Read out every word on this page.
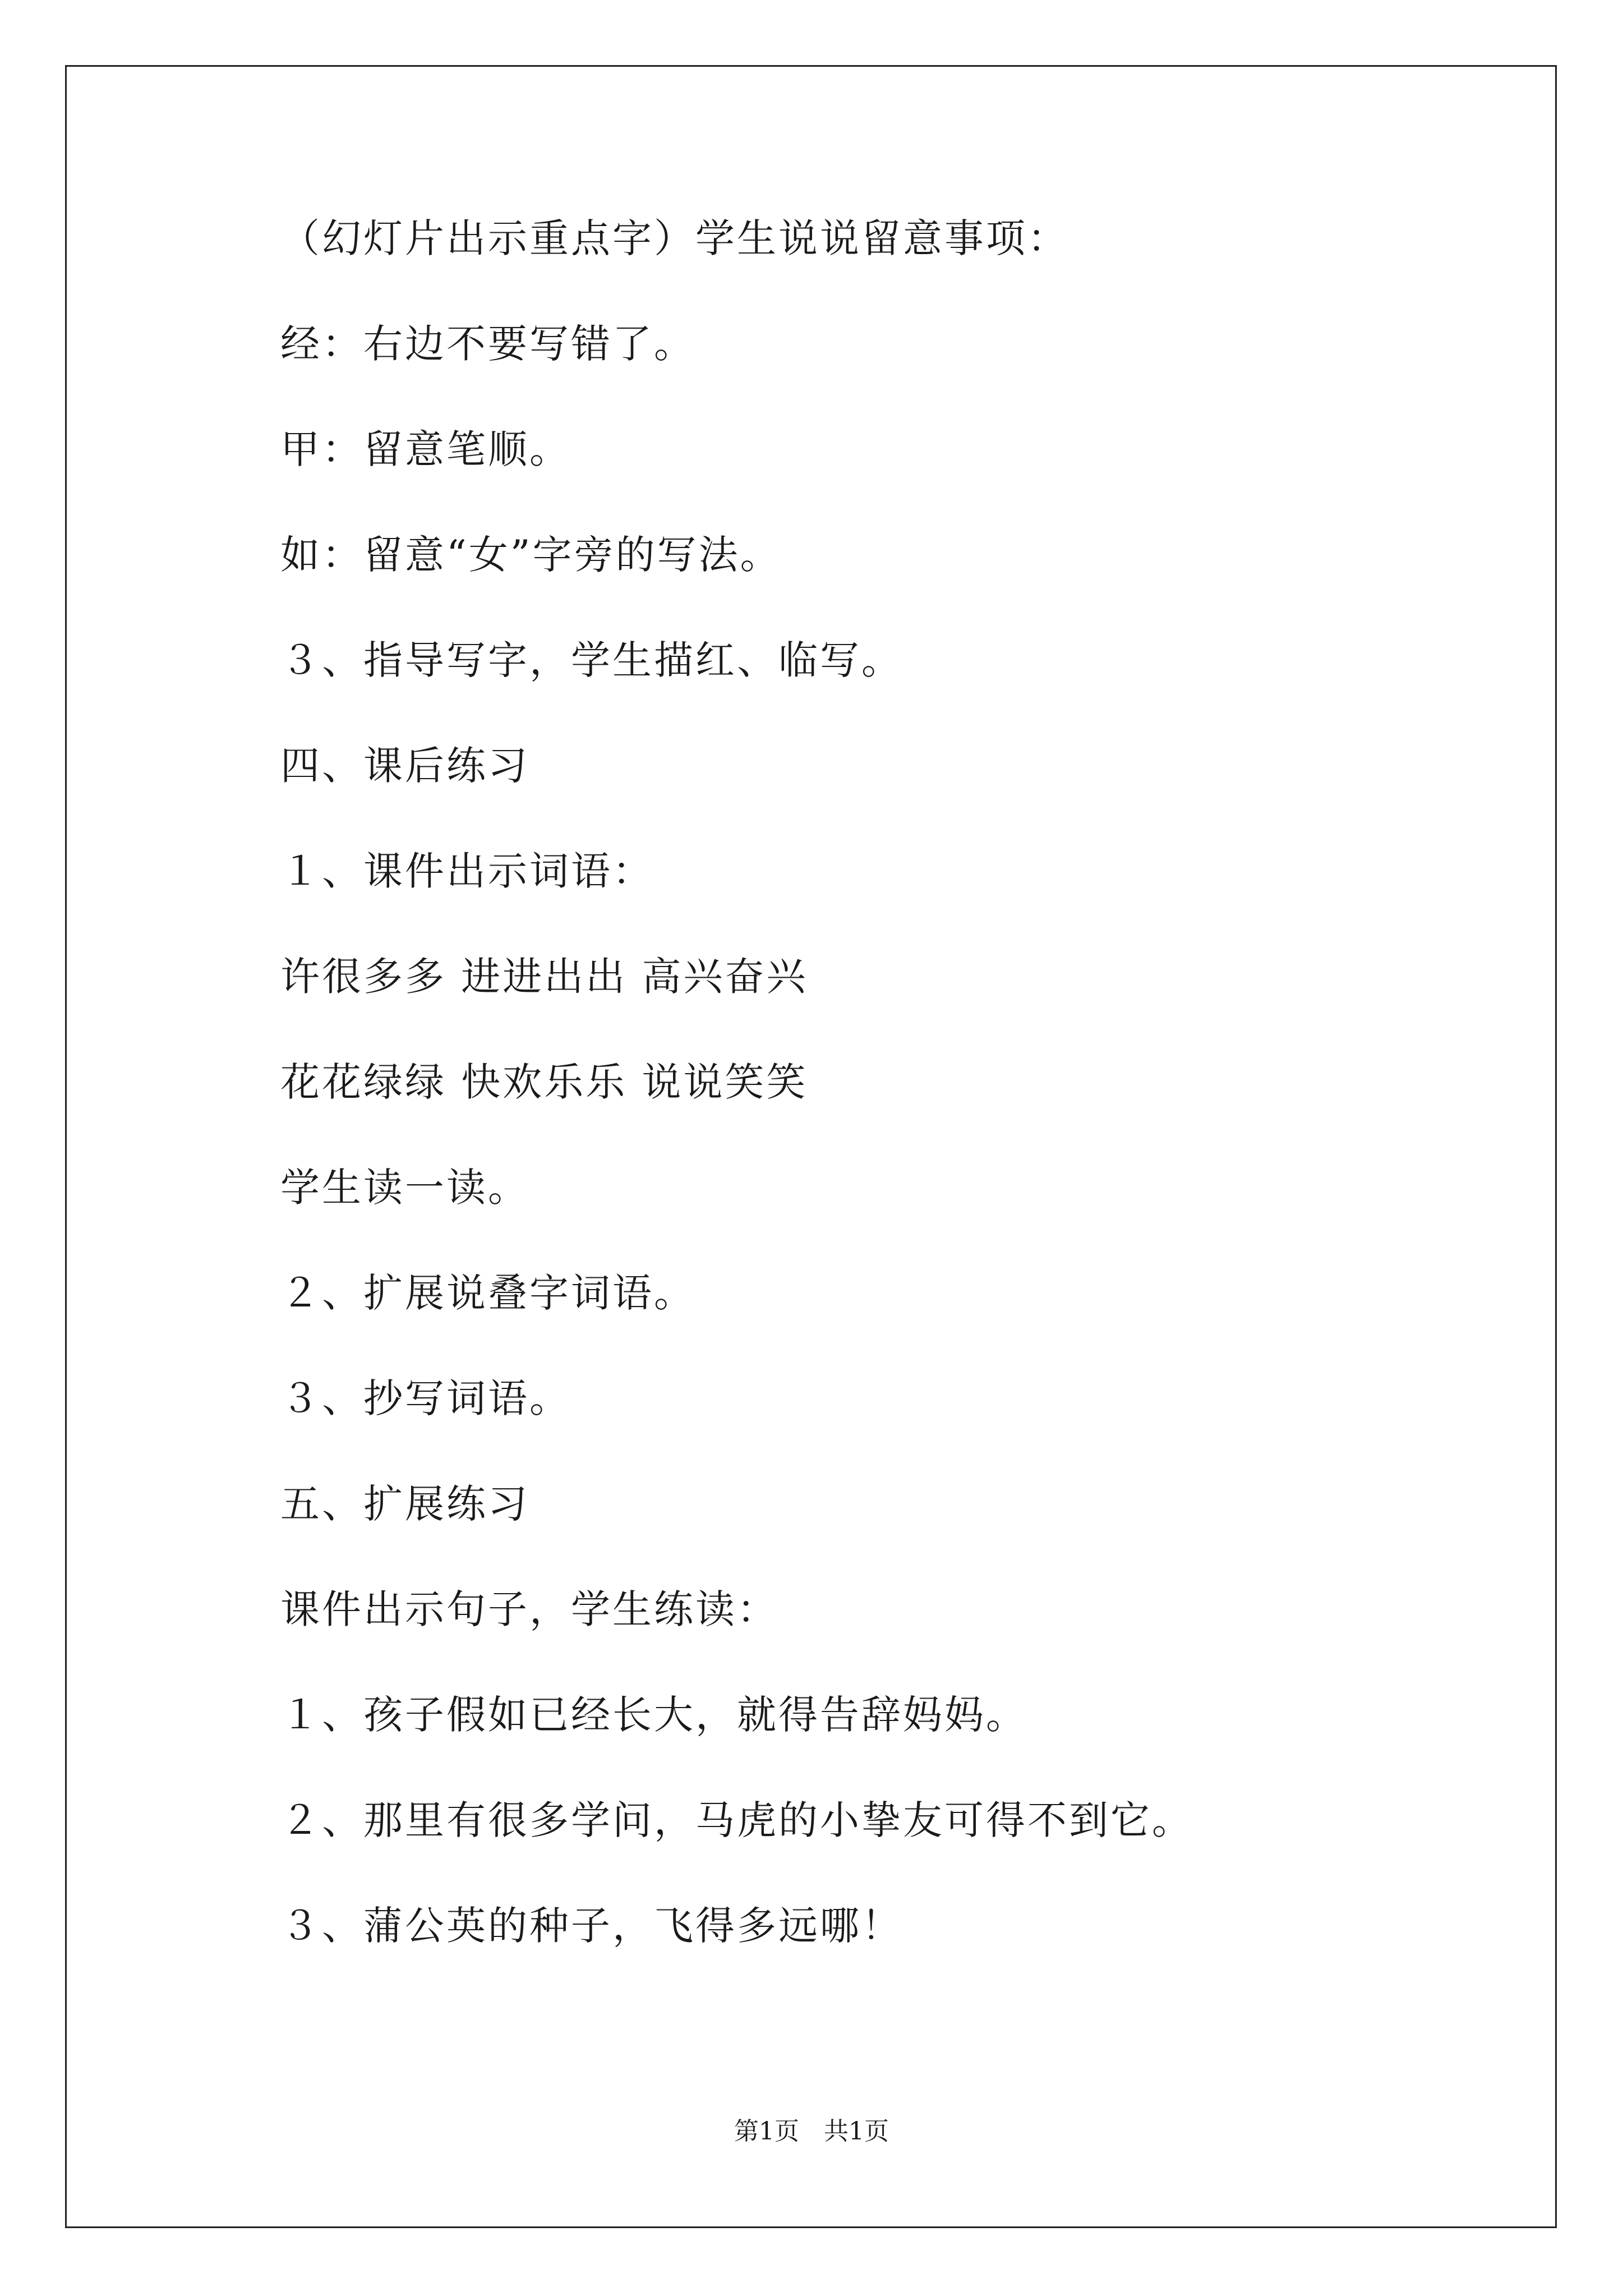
（幻灯片出示重点字）学生说说留意事项：
经：右边不要写错了。
甲：留意笔顺。
如：留意“女”字旁的写法。
３、指导写字，学生描红、临写。
四、课后练习
１、课件出示词语：
许很多多 进进出出 高兴奋兴
花花绿绿 快欢乐乐 说说笑笑
学生读一读。
２、扩展说叠字词语。
３、抄写词语。
五、扩展练习
课件出示句子，学生练读：
１、孩子假如已经长大，就得告辞妈妈。
２、那里有很多学问，马虎的小挚友可得不到它。
３、蒲公英的种子，飞得多远哪！
第1页　共1页
